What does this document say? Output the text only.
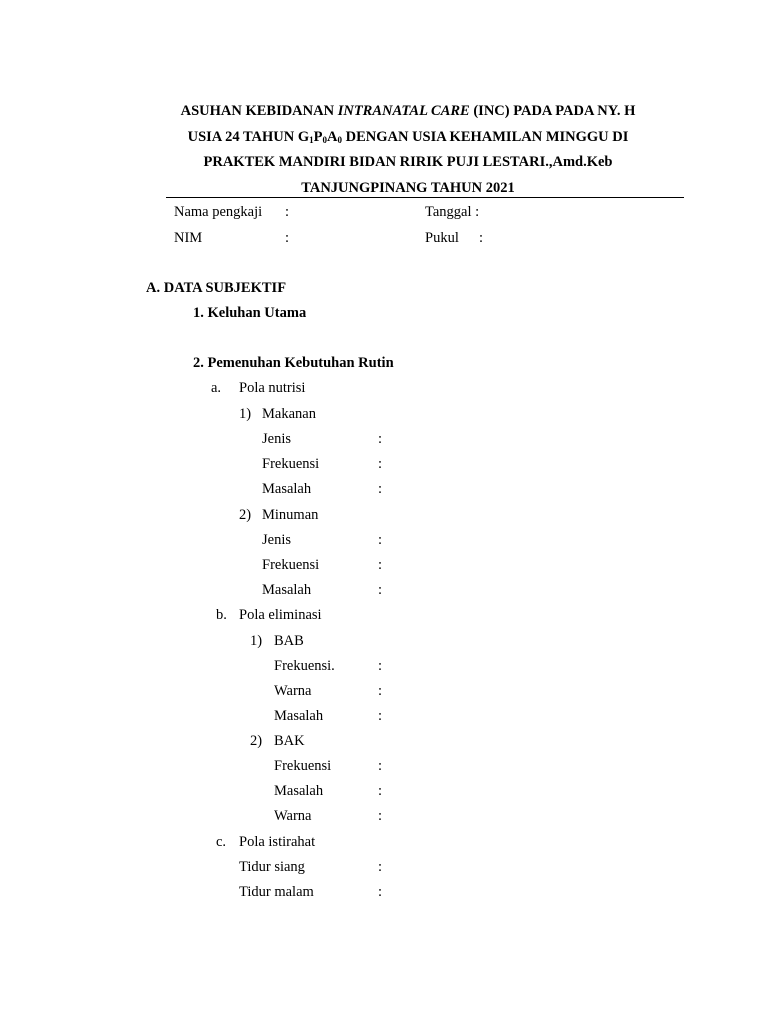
ASUHAN KEBIDANAN INTRANATAL CARE (INC) PADA PADA NY. H
USIA 24 TAHUN $G_1P_0A_0$ DENGAN USIA KEHAMILAN MINGGU DI
PRAKTEK MANDIRI BIDAN RIRIK PUJI LESTARI.,Amd.Keb
TANJUNGPINANG TAHUN 2021
Nama pengkaji :	Tanggal :
NIM	:	Pukul :
A. DATA SUBJEKTIF
1. Keluhan Utama
2. Pemenuhan Kebutuhan Rutin
a. Pola nutrisi
1) Makanan
Jenis	:
Frekuensi	:
Masalah	:
2) Minuman
Jenis	:
Frekuensi	:
Masalah	:
b. Pola eliminasi
1) BAB
Frekuensi.	:
Warna	:
Masalah	:
2) BAK
Frekuensi	:
Masalah	:
Warna	:
c. Pola istirahat
Tidur siang	:
Tidur malam	:
